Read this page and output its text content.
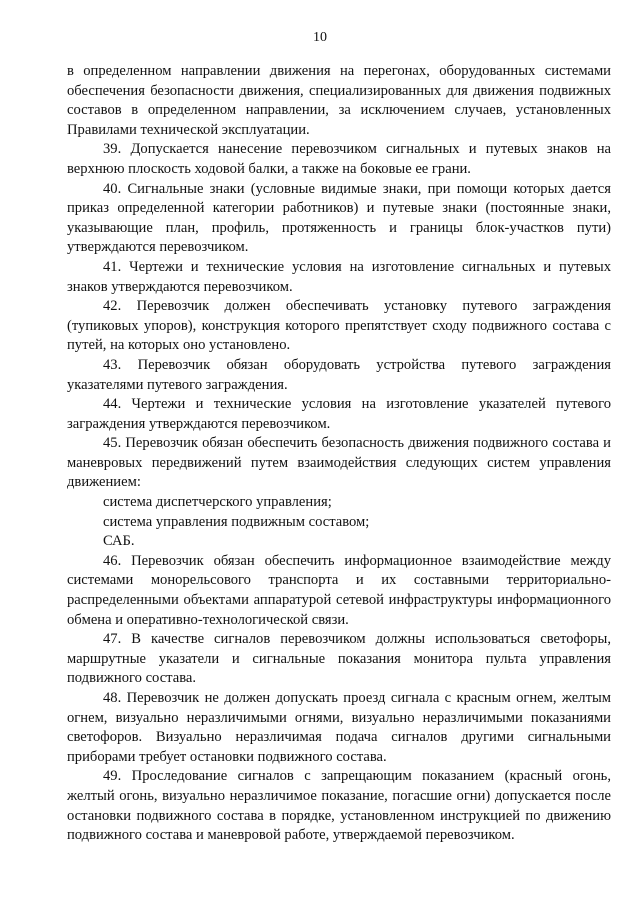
10

в определенном направлении движения на перегонах, оборудованных системами обеспечения безопасности движения, специализированных для движения подвижных составов в определенном направлении, за исключением случаев, установленных Правилами технической эксплуатации.

39. Допускается нанесение перевозчиком сигнальных и путевых знаков на верхнюю плоскость ходовой балки, а также на боковые ее грани.

40. Сигнальные знаки (условные видимые знаки, при помощи которых дается приказ определенной категории работников) и путевые знаки (постоянные знаки, указывающие план, профиль, протяженность и границы блок-участков пути) утверждаются перевозчиком.

41. Чертежи и технические условия на изготовление сигнальных и путевых знаков утверждаются перевозчиком.

42. Перевозчик должен обеспечивать установку путевого заграждения (тупиковых упоров), конструкция которого препятствует сходу подвижного состава с путей, на которых оно установлено.

43. Перевозчик обязан оборудовать устройства путевого заграждения указателями путевого заграждения.

44. Чертежи и технические условия на изготовление указателей путевого заграждения утверждаются перевозчиком.

45. Перевозчик обязан обеспечить безопасность движения подвижного состава и маневровых передвижений путем взаимодействия следующих систем управления движением:

система диспетчерского управления;

система управления подвижным составом;

САБ.

46. Перевозчик обязан обеспечить информационное взаимодействие между системами монорельсового транспорта и их составными территориально-распределенными объектами аппаратурой сетевой инфраструктуры информационного обмена и оперативно-технологической связи.

47. В качестве сигналов перевозчиком должны использоваться светофоры, маршрутные указатели и сигнальные показания монитора пульта управления подвижного состава.

48. Перевозчик не должен допускать проезд сигнала с красным огнем, желтым огнем, визуально неразличимыми огнями, визуально неразличимыми показаниями светофоров. Визуально неразличимая подача сигналов другими сигнальными приборами требует остановки подвижного состава.

49. Проследование сигналов с запрещающим показанием (красный огонь, желтый огонь, визуально неразличимое показание, погасшие огни) допускается после остановки подвижного состава в порядке, установленном инструкцией по движению подвижного состава и маневровой работе, утверждаемой перевозчиком.
